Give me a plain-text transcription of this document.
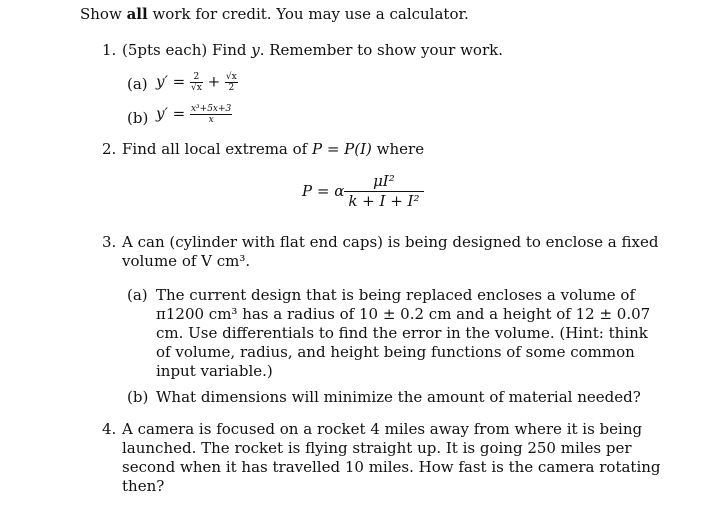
Show all work for credit. You may use a calculator.
1. (5pts each) Find y. Remember to show your work.
(a) $y' = \frac{2}{√x} + \frac{√x}{2}$
(b) $y' = \frac{\text{x³+5x+3}}{x}$
2. Find all local extrema of P = P(I) where
P = α $\frac{\text{μI²}}{\text{k + I + I²}}$
3. A can (cylinder with flat end caps) is being designed to enclose a fixed
volume of V cm³.
(a) The current design that is being replaced encloses a volume of
π1200 cm³ has a radius of 10 ± 0.2 cm and a height of 12 ± 0.07
cm. Use differentials to find the error in the volume. (Hint: think
of volume, radius, and height being functions of some common
input variable.)
(b) What dimensions will minimize the amount of material needed?
4. A camera is focused on a rocket 4 miles away from where it is being
launched. The rocket is flying straight up. It is going 250 miles per
second when it has travelled 10 miles. How fast is the camera rotating
then?
